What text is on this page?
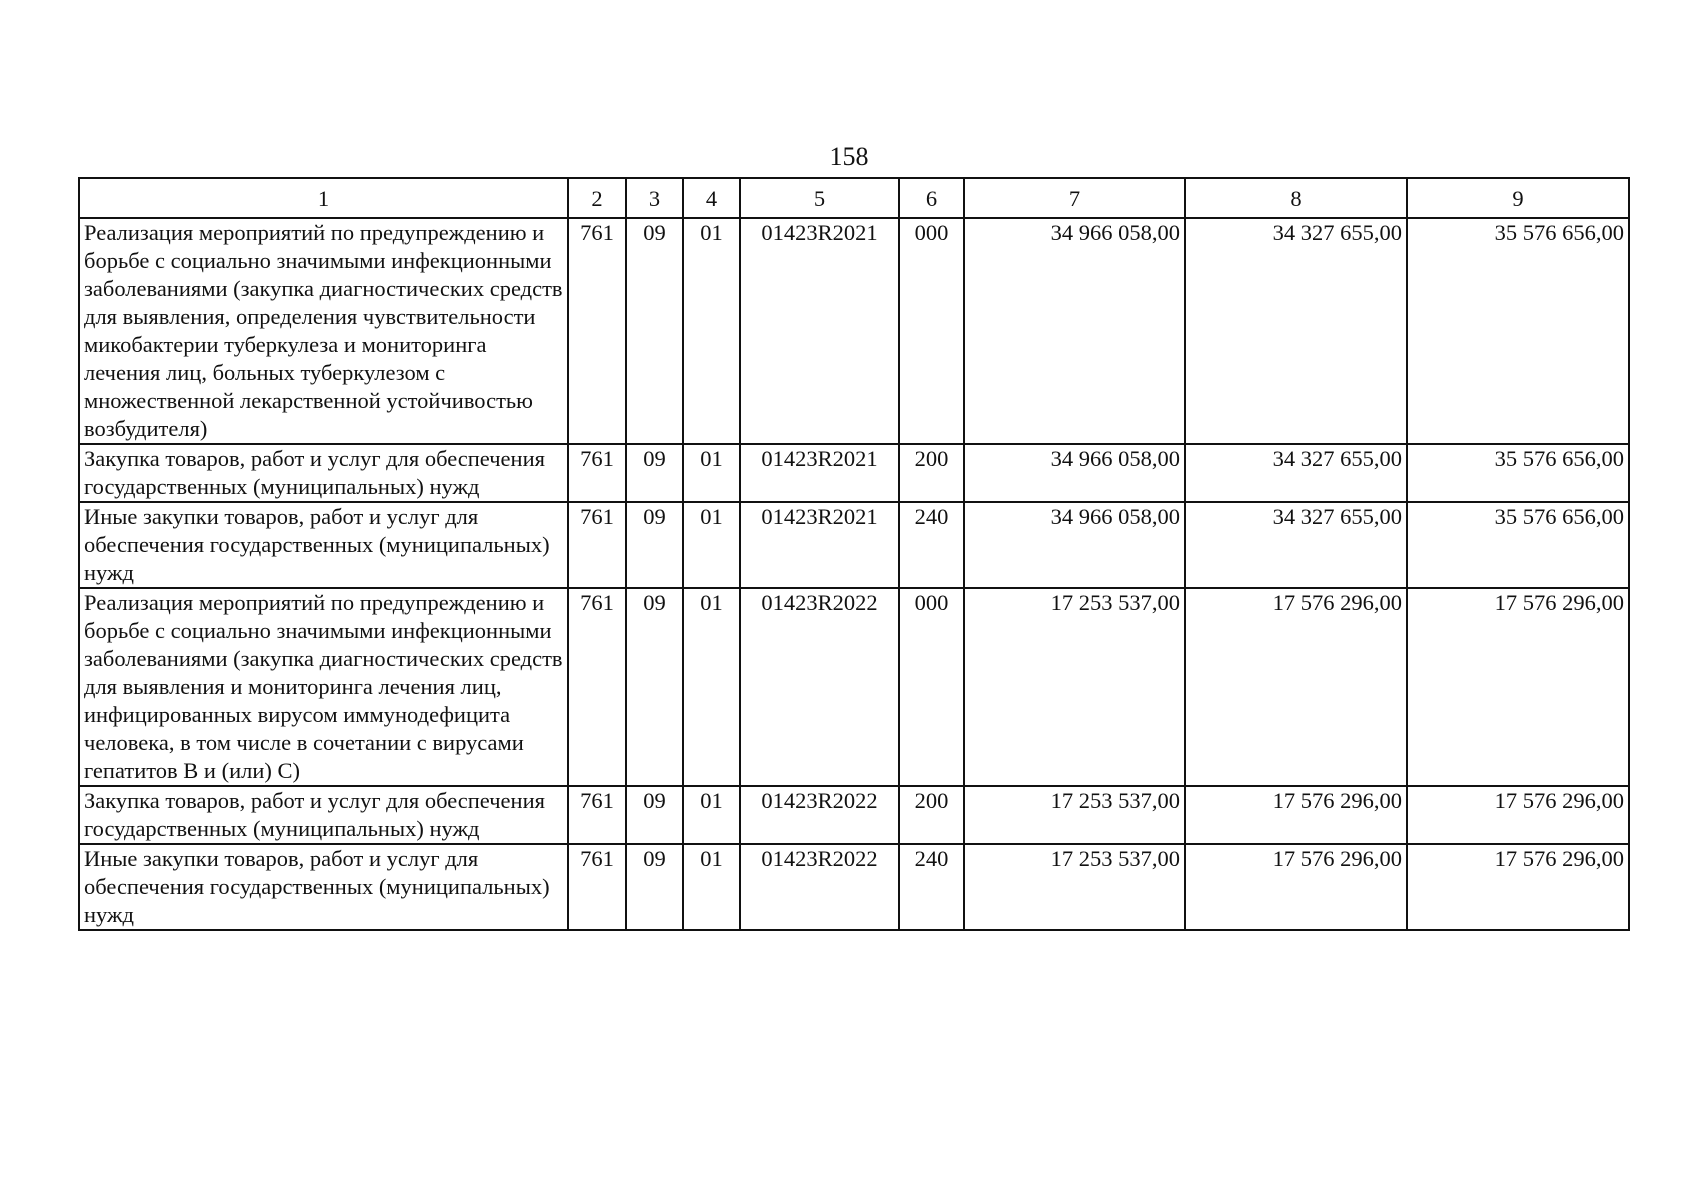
158
1	2	3	4	5	6	7	8	9
Реализация мероприятий по предупреждению и борьбе с социально значимыми инфекционными заболеваниями (закупка диагностических средств для выявления, определения чувствительности микобактерии туберкулеза и мониторинга лечения лиц, больных туберкулезом с множественной лекарственной устойчивостью возбудителя)	761	09	01	01423R2021	000	34 966 058,00	34 327 655,00	35 576 656,00
Закупка товаров, работ и услуг для обеспечения государственных (муниципальных) нужд	761	09	01	01423R2021	200	34 966 058,00	34 327 655,00	35 576 656,00
Иные закупки товаров, работ и услуг для обеспечения государственных (муниципальных) нужд	761	09	01	01423R2021	240	34 966 058,00	34 327 655,00	35 576 656,00
Реализация мероприятий по предупреждению и борьбе с социально значимыми инфекционными заболеваниями (закупка диагностических средств для выявления и мониторинга лечения лиц, инфицированных вирусом иммунодефицита человека, в том числе в сочетании с вирусами гепатитов B и (или) C)	761	09	01	01423R2022	000	17 253 537,00	17 576 296,00	17 576 296,00
Закупка товаров, работ и услуг для обеспечения государственных (муниципальных) нужд	761	09	01	01423R2022	200	17 253 537,00	17 576 296,00	17 576 296,00
Иные закупки товаров, работ и услуг для обеспечения государственных (муниципальных) нужд	761	09	01	01423R2022	240	17 253 537,00	17 576 296,00	17 576 296,00
